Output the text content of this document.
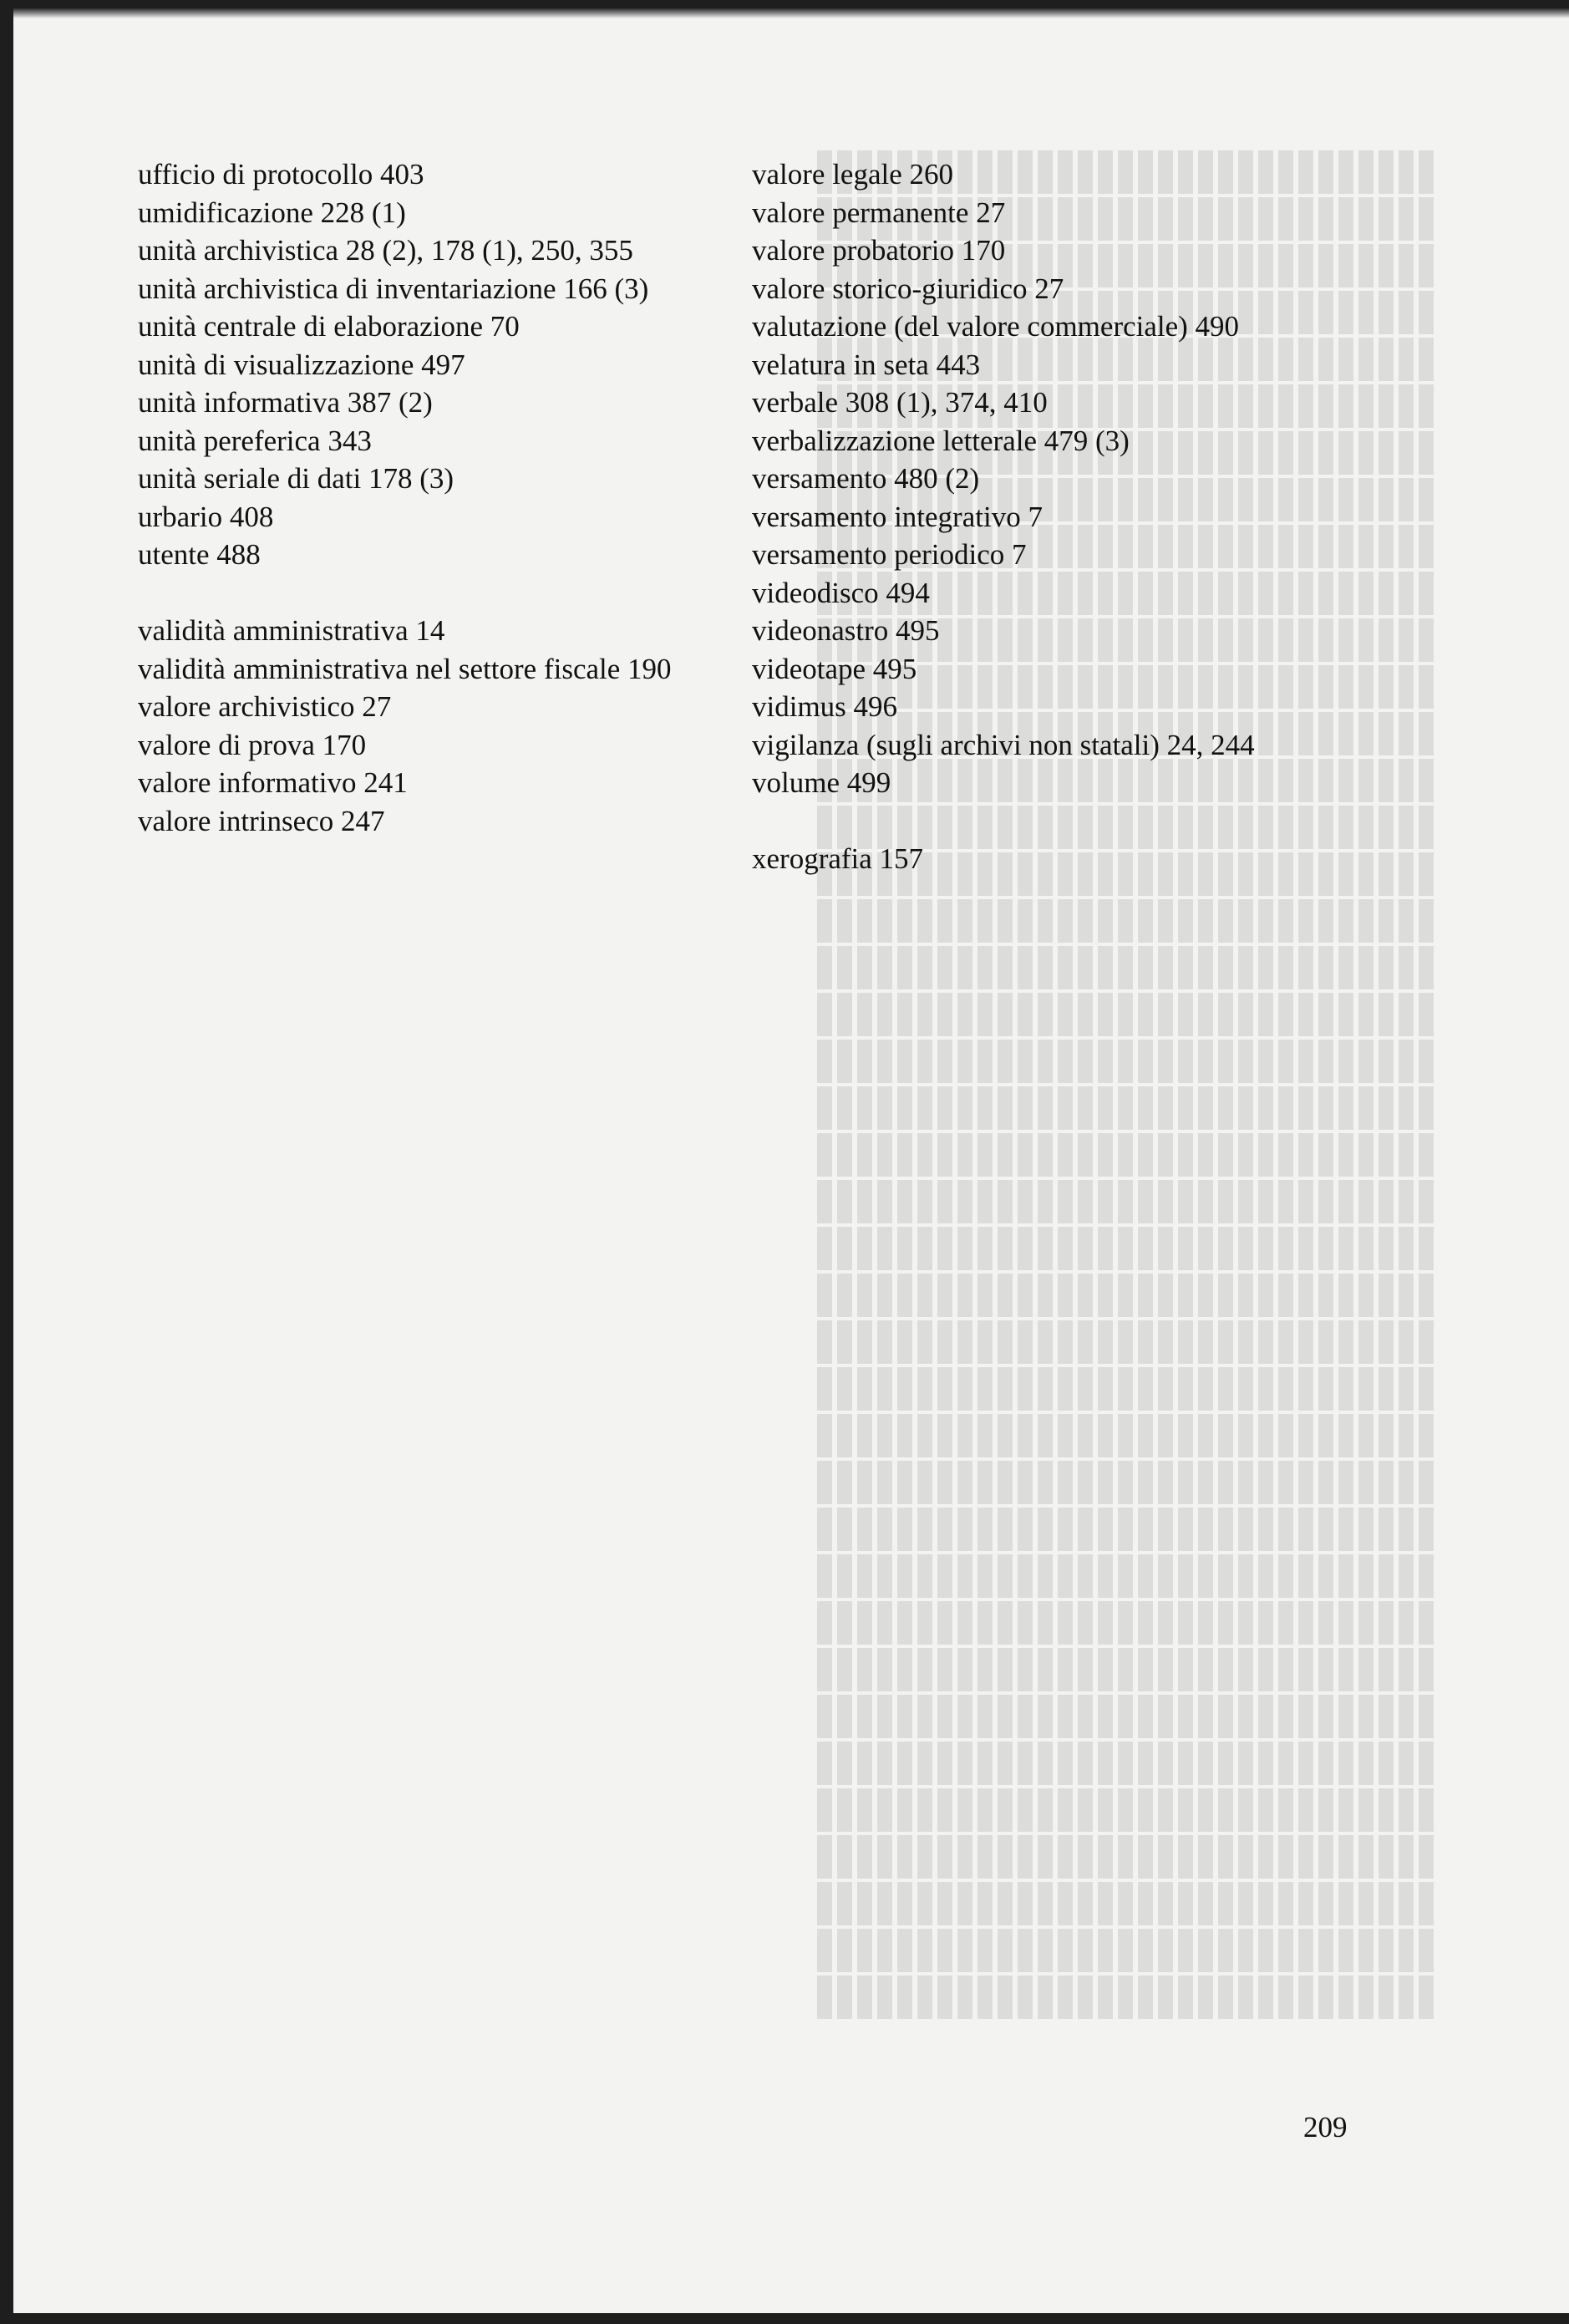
ufficio di protocollo 403
umidificazione 228 (1)
unità archivistica 28 (2), 178 (1), 250, 355
unità archivistica di inventariazione 166 (3)
unità centrale di elaborazione 70
unità di visualizzazione 497
unità informativa 387 (2)
unità pereferica 343
unità seriale di dati 178 (3)
urbario 408
utente 488
validità amministrativa 14
validità amministrativa nel settore fiscale 190
valore archivistico 27
valore di prova 170
valore informativo 241
valore intrinseco 247
valore legale 260
valore permanente 27
valore probatorio 170
valore storico-giuridico 27
valutazione (del valore commerciale) 490
velatura in seta 443
verbale 308 (1), 374, 410
verbalizzazione letterale 479 (3)
versamento 480 (2)
versamento integrativo 7
versamento periodico 7
videodisco 494
videonastro 495
videotape 495
vidimus 496
vigilanza (sugli archivi non statali) 24, 244
volume 499
xerografia 157
209
